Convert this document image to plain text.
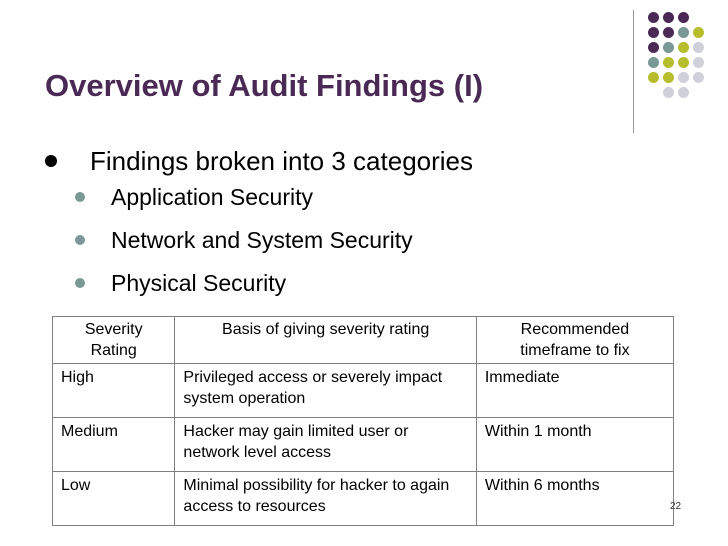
Overview of Audit Findings (I)
Findings broken into 3 categories
Application Security
Network and System Security
Physical Security
Severity Rating	Basis of giving severity rating	Recommended timeframe to fix
High	Privileged access or severely impact system operation	Immediate
Medium	Hacker may gain limited user or network level access	Within 1 month
Low	Minimal possibility for hacker to again access to resources	Within 6 months
22
